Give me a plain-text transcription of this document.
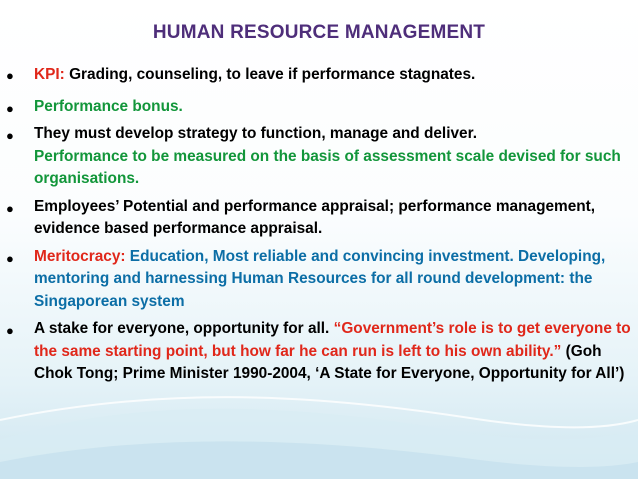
HUMAN RESOURCE MANAGEMENT
● KPI: Grading, counseling, to leave if performance stagnates.
● Performance bonus.
● They must develop strategy to function, manage and deliver.
Performance to be measured on the basis of assessment scale devised for such organisations.
● Employees’ Potential and performance appraisal; performance management, evidence based performance appraisal.
● Meritocracy: Education, Most reliable and convincing investment. Developing, mentoring and harnessing Human Resources for all round development: the Singaporean system
● A stake for everyone, opportunity for all. “Government’s role is to get everyone to the same starting point, but how far he can run is left to his own ability.” (Goh Chok Tong; Prime Minister 1990-2004, ‘A State for Everyone, Opportunity for All’)
